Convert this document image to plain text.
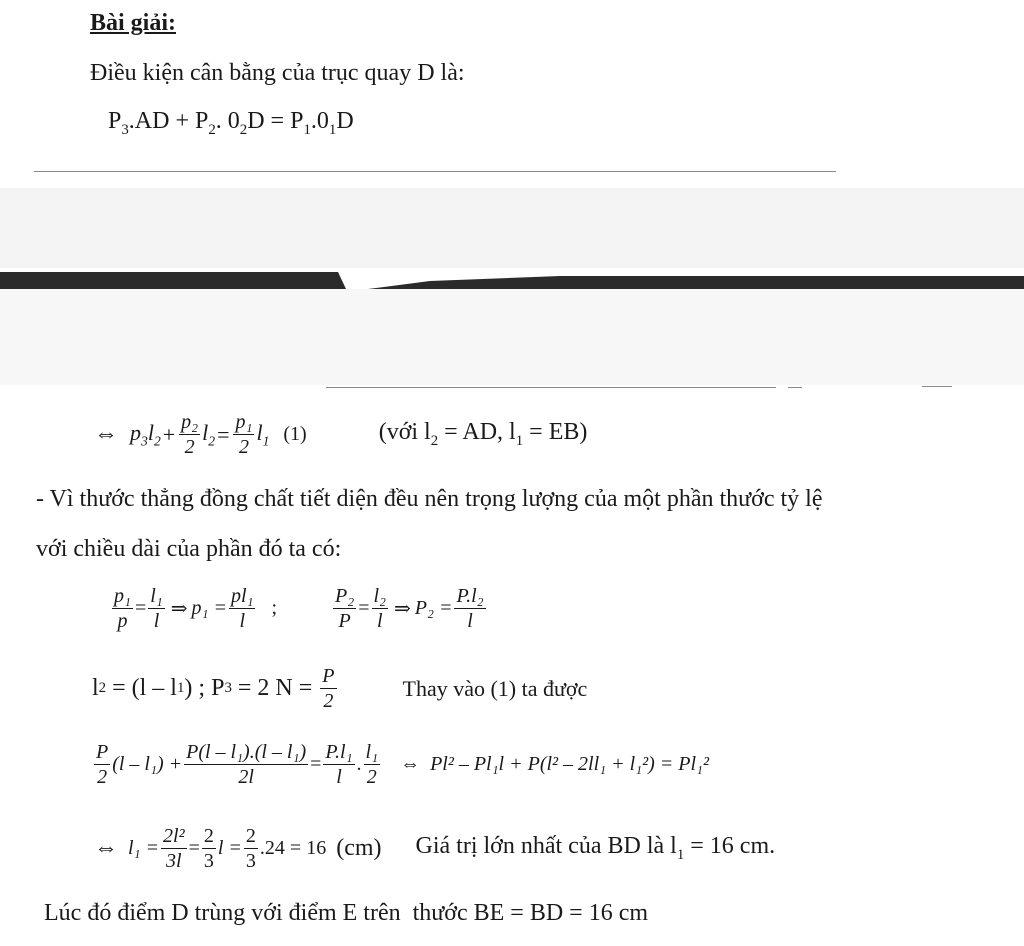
Bài giải:
Điều kiện cân bằng của trục quay D là:
$P_3.AD + P_2$. $0_2D = P_1.0_1D$
⇔ $p_3l_2 + \frac{\text{p₂}}{2} l_2 = \frac{\text{p₁}}{2} l_1$ (1)	(với $l_2$ = AD, $l_1 = EB$)
- Vì thước thẳng đồng chất tiết diện đều nên trọng lượng của một phần thước tỷ lệ
với chiều dài của phần đó ta có:
$\frac{\text{p₁}}{p} = \frac{\text{l₁}}{l}$ ⇒ $p_1 = \frac{\text{pl₁}}{l}$ ;	$\frac{\text{P₂}}{P} = \frac{\text{l₂}}{l}$ ⇒ $P_2 = \frac{\text{P.l₂}}{l}$
l 2 = (l – l 1 ) ; P 3 = 2 $N = \frac{P}{2}$	Thay vào (1) ta được
$\frac{P}{2} (l - l_1) + \frac{\text{P(l – l₁).(l – l₁)}}{2l} = \frac{\text{P.l₁}}{l}$ . $\frac{\text{l₁}}{2}$ ⇔ Pl² – Pl₁l + P(l² – 2ll₁ + l₁²) = Pl₁²
⇔ $l_1 = \frac{\text{2l²}}{3l} = \frac{2}{3}$ $l = \frac{2}{3} .24 = 16$ (cm) Giá trị lớn nhất của BD là $l_1 = 16$ cm.
Lúc đó điểm D trùng với điểm E trên  thước BE = BD = 16 cm
